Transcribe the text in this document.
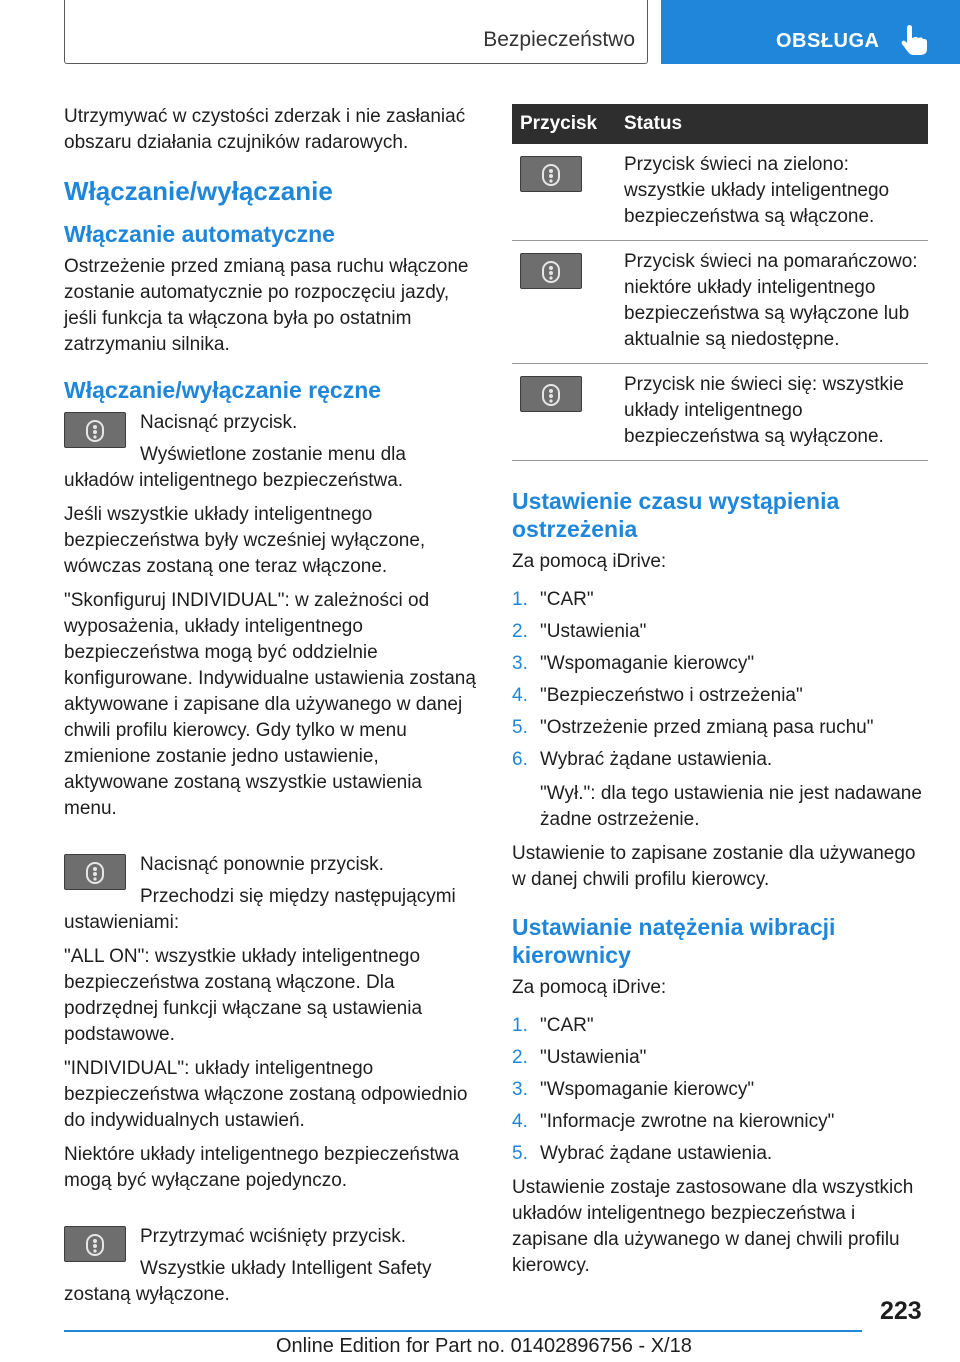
Bezpieczeństwo	OBSŁUGA

Utrzymywać w czystości zderzak i nie zasłaniać obszaru działania czujników radarowych.

Włączanie/wyłączanie
Włączanie automatyczne

Ostrzeżenie przed zmianą pasa ruchu włączone zostanie automatycznie po rozpoczęciu jazdy, jeśli funkcja ta włączona była po ostatnim zatrzymaniu silnika.

Włączanie/wyłączanie ręczne

Nacisnąć przycisk.

Wyświetlone zostanie menu dla układów inteligentnego bezpieczeństwa.

Jeśli wszystkie układy inteligentnego bezpieczeństwa były wcześniej wyłączone, wówczas zostaną one teraz włączone.

"Skonfiguruj INDIVIDUAL": w zależności od wyposażenia, układy inteligentnego bezpieczeństwa mogą być oddzielnie konfigurowane. Indywidualne ustawienia zostaną aktywowane i zapisane dla używanego w danej chwili profilu kierowcy. Gdy tylko w menu zmienione zostanie jedno ustawienie, aktywowane zostaną wszystkie ustawienia menu.

Nacisnąć ponownie przycisk.

Przechodzi się między następującymi ustawieniami:

"ALL ON": wszystkie układy inteligentnego bezpieczeństwa zostaną włączone. Dla podrzędnej funkcji włączane są ustawienia podstawowe.

"INDIVIDUAL": układy inteligentnego bezpieczeństwa włączone zostaną odpowiednio do indywidualnych ustawień.

Niektóre układy inteligentnego bezpieczeństwa mogą być wyłączane pojedynczo.

Przytrzymać wciśnięty przycisk.

Wszystkie układy Intelligent Safety zostaną wyłączone.

Przycisk	Status

	Przycisk świeci na zielono: wszystkie układy inteligentnego bezpieczeństwa są włączone.

	Przycisk świeci na pomarańczowo: niektóre układy inteligentnego bezpieczeństwa są wyłączone lub aktualnie są niedostępne.

	Przycisk nie świeci się: wszystkie układy inteligentnego bezpieczeństwa są wyłączone.
Ustawienie czasu wystąpienia ostrzeżenia

Za pomocą iDrive:

1. "CAR"
2. "Ustawienia"
3. "Wspomaganie kierowcy"
4. "Bezpieczeństwo i ostrzeżenia"
5. "Ostrzeżenie przed zmianą pasa ruchu"
6. Wybrać żądane ustawienia.

"Wył.": dla tego ustawienia nie jest nadawane żadne ostrzeżenie.

Ustawienie to zapisane zostanie dla używanego w danej chwili profilu kierowcy.

Ustawianie natężenia wibracji kierownicy

Za pomocą iDrive:

1. "CAR"
2. "Ustawienia"
3. "Wspomaganie kierowcy"
4. "Informacje zwrotne na kierownicy"
5. Wybrać żądane ustawienia.

Ustawienie zostaje zastosowane dla wszystkich układów inteligentnego bezpieczeństwa i zapisane dla używanego w danej chwili profilu kierowcy.

223
Online Edition for Part no. 01402896756 - X/18
